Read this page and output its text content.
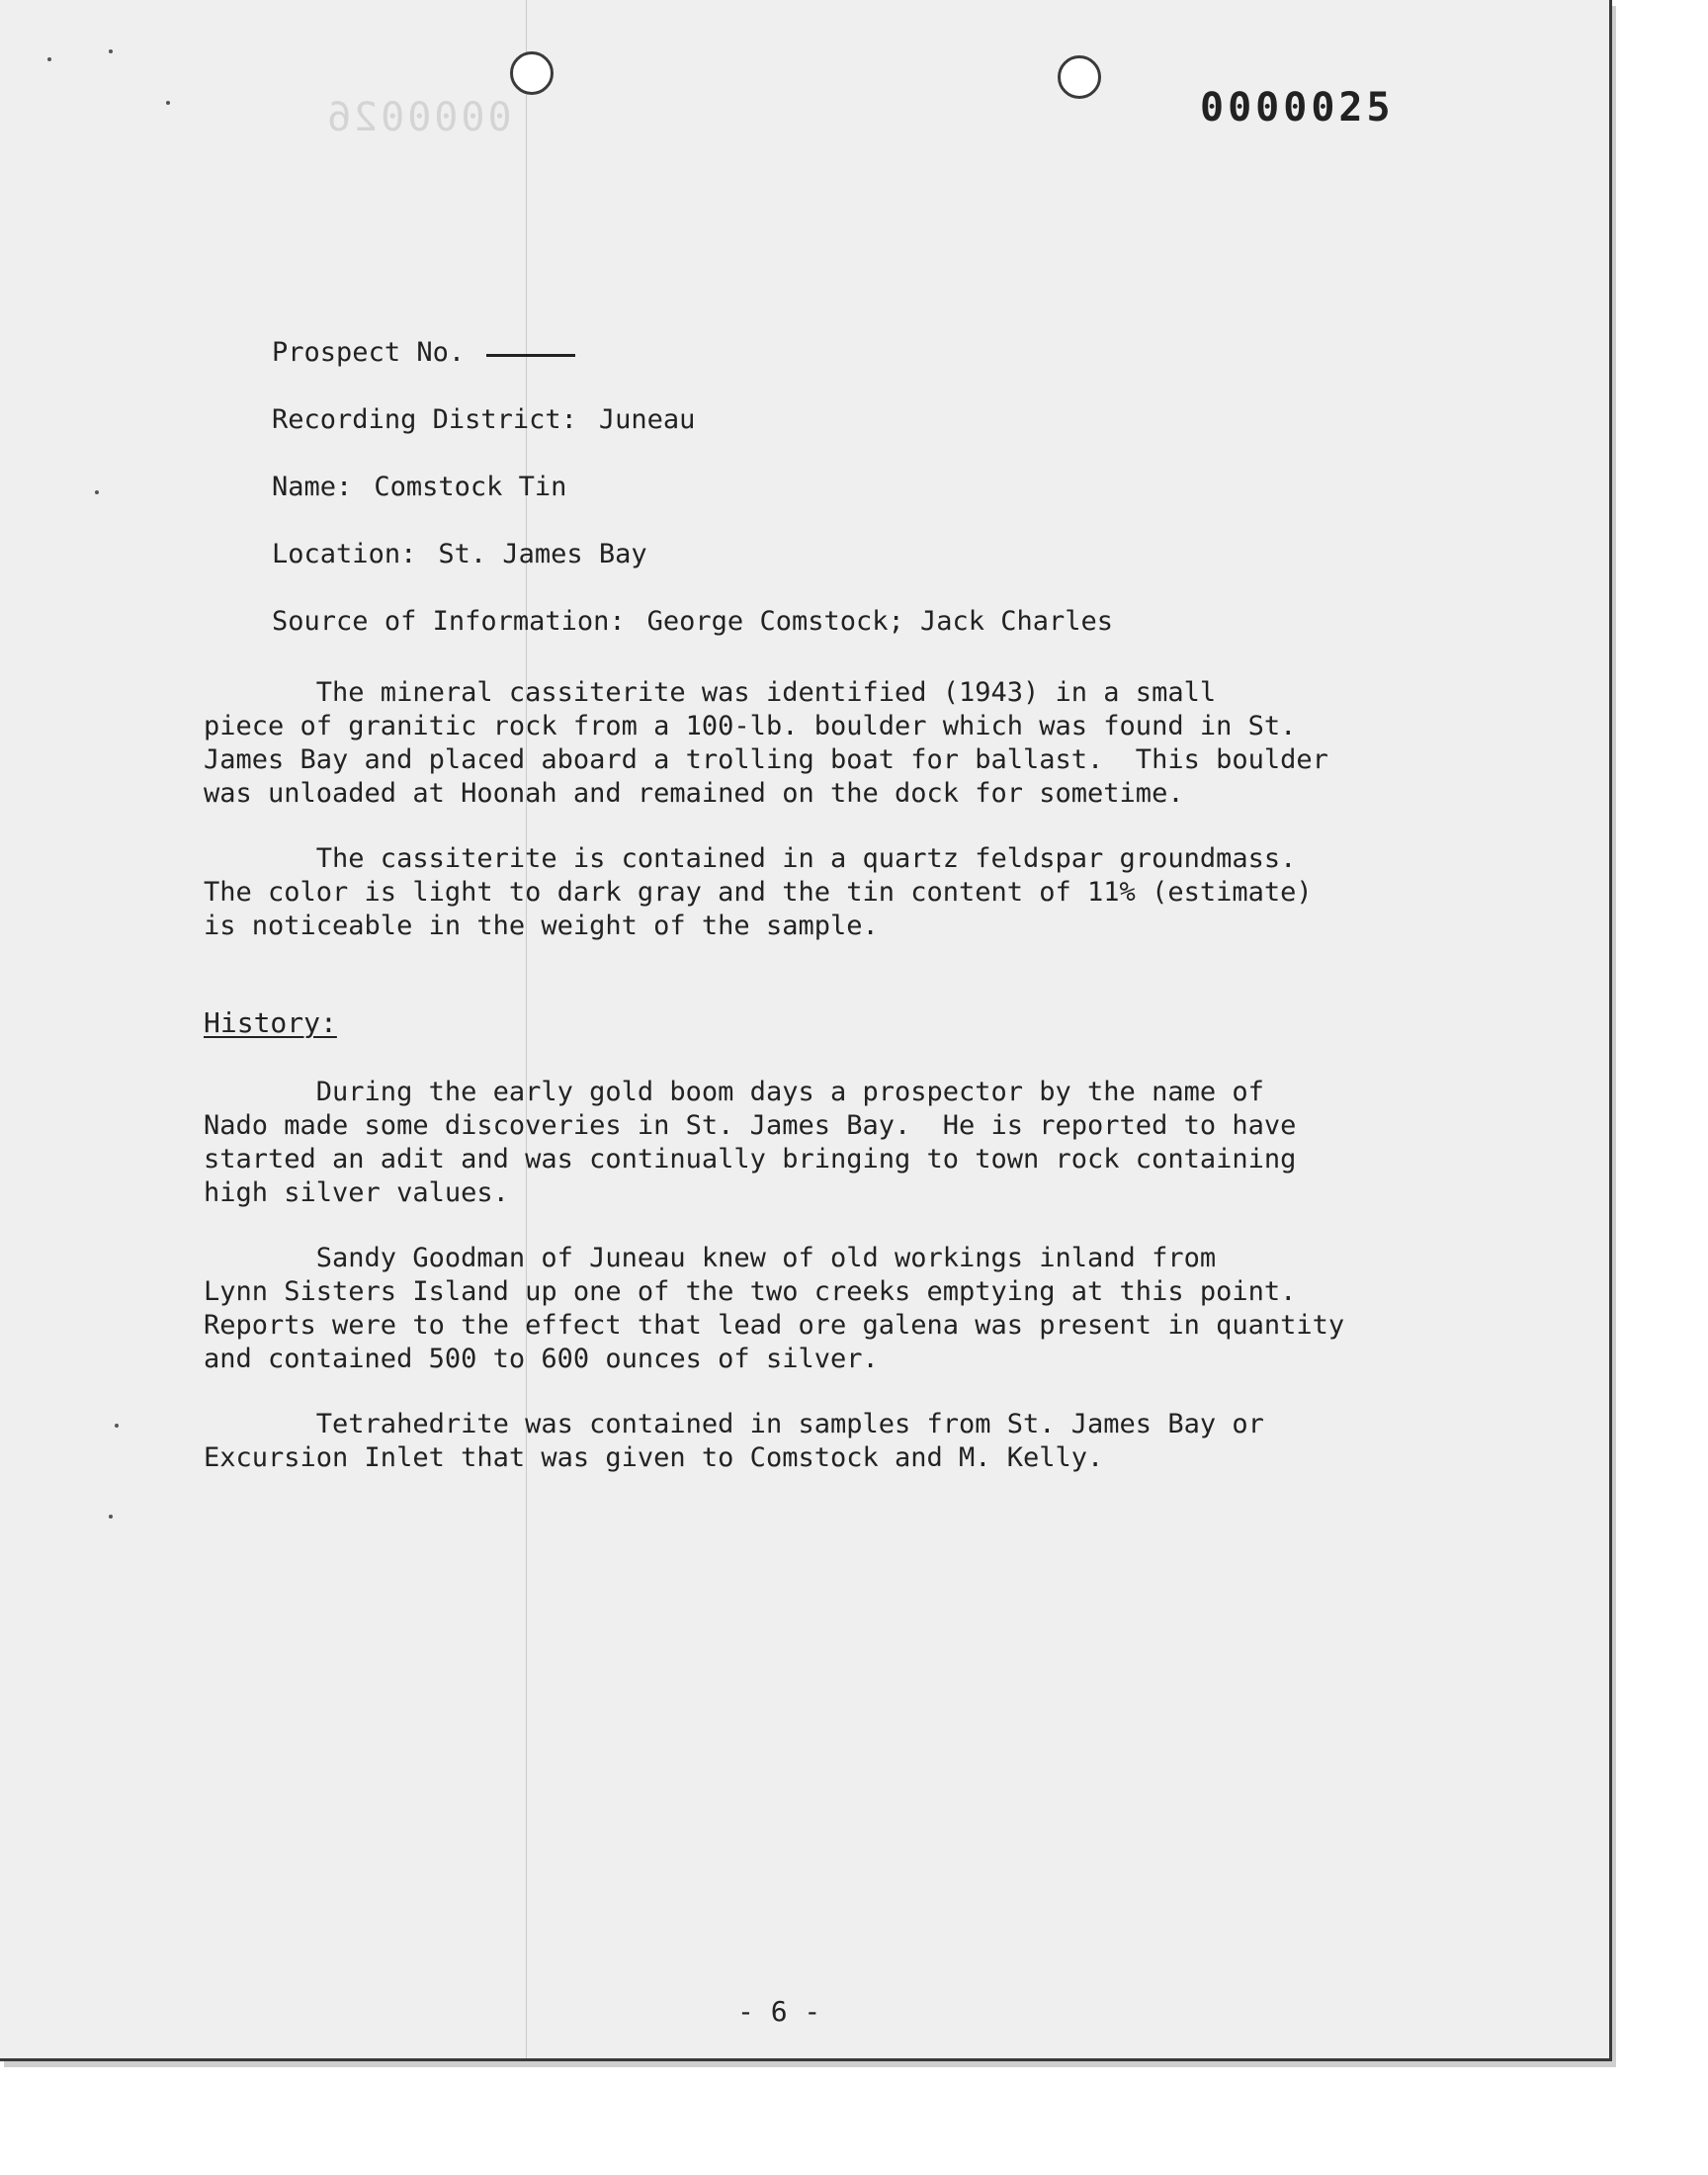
0000026	0000025

Prospect No.

Recording District: Juneau

Name: Comstock Tin

Location: St. James Bay

Source of Information: George Comstock; Jack Charles

The mineral cassiterite was identified (1943) in a small
piece of granitic rock from a 100-lb. boulder which was found in St.
James Bay and placed aboard a trolling boat for ballast.  This boulder
was unloaded at Hoonah and remained on the dock for sometime.

The cassiterite is contained in a quartz feldspar groundmass.
The color is light to dark gray and the tin content of 11% (estimate)
is noticeable in the weight of the sample.

History:

During the early gold boom days a prospector by the name of
Nado made some discoveries in St. James Bay.  He is reported to have
started an adit and was continually bringing to town rock containing
high silver values.

Sandy Goodman of Juneau knew of old workings inland from
Lynn Sisters Island up one of the two creeks emptying at this point.
Reports were to the effect that lead ore galena was present in quantity
and contained 500 to 600 ounces of silver.

Tetrahedrite was contained in samples from St. James Bay or
Excursion Inlet that was given to Comstock and M. Kelly.

- 6 -
